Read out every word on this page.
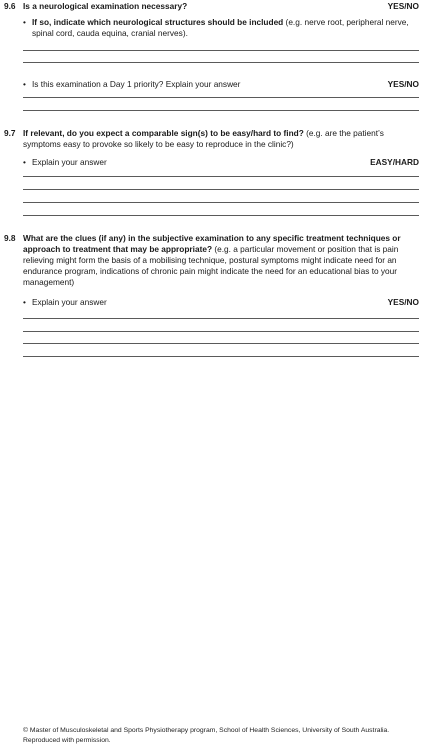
9.6 Is a neurological examination necessary?	YES/NO
• If so, indicate which neurological structures should be included (e.g. nerve root, peripheral nerve, spinal cord, cauda equina, cranial nerves).
• Is this examination a Day 1 priority? Explain your answer	YES/NO
9.7 If relevant, do you expect a comparable sign(s) to be easy/hard to find? (e.g. are the patient’s symptoms easy to provoke so likely to be easy to reproduce in the clinic?)
• Explain your answer	EASY/HARD
9.8 What are the clues (if any) in the subjective examination to any specific treatment techniques or approach to treatment that may be appropriate? (e.g. a particular movement or position that is pain relieving might form the basis of a mobilising technique, postural symptoms might indicate need for an endurance program, indications of chronic pain might indicate the need for an educational bias to your management)
• Explain your answer	YES/NO
© Master of Musculoskeletal and Sports Physiotherapy program, School of Health Sciences, University of South Australia.
Reproduced with permission.
